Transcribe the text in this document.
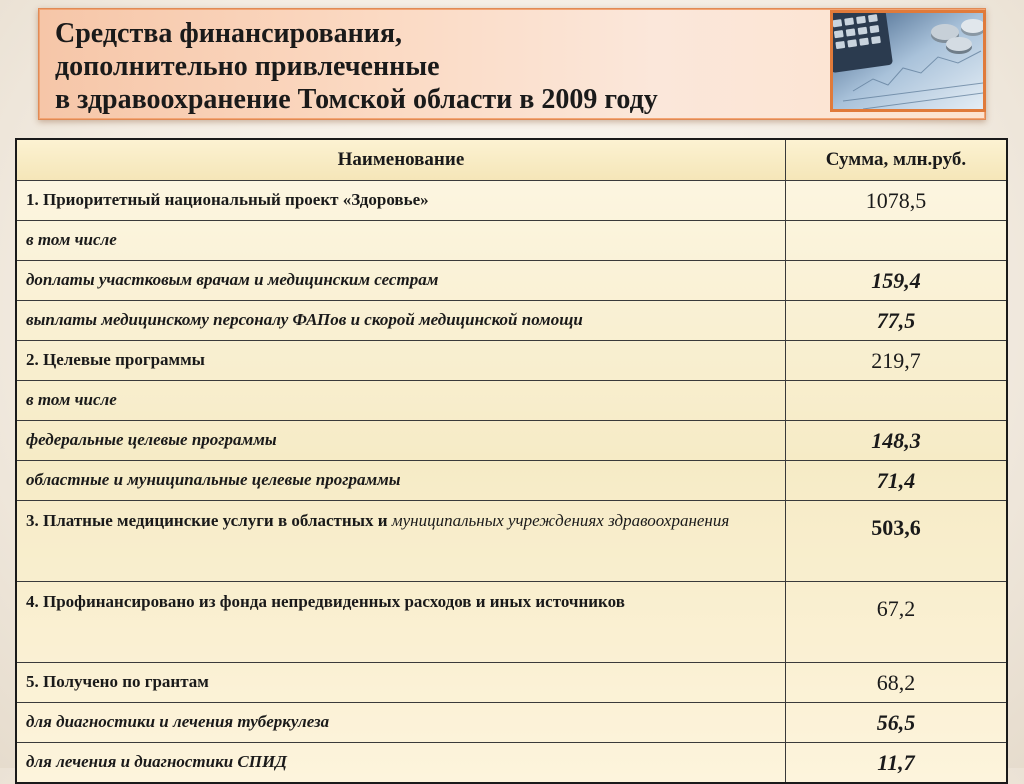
Средства финансирования,
дополнительно привлеченные
в здравоохранение Томской области в 2009 году
Наименование	Сумма, млн.руб.
1. Приоритетный национальный проект «Здоровье»	1078,5
в том числе	
доплаты участковым врачам и медицинским сестрам	159,4
выплаты медицинскому персоналу ФАПов и скорой медицинской помощи	77,5
2. Целевые программы	219,7
в том числе	
федеральные целевые программы	148,3
областные и муниципальные целевые программы	71,4
3. Платные медицинские услуги в областных и муниципальных учреждениях здравоохранения	503,6
4. Профинансировано из фонда непредвиденных расходов и иных источников	67,2
5. Получено по грантам	68,2
для диагностики и лечения туберкулеза	56,5
для лечения и диагностики СПИД	11,7
